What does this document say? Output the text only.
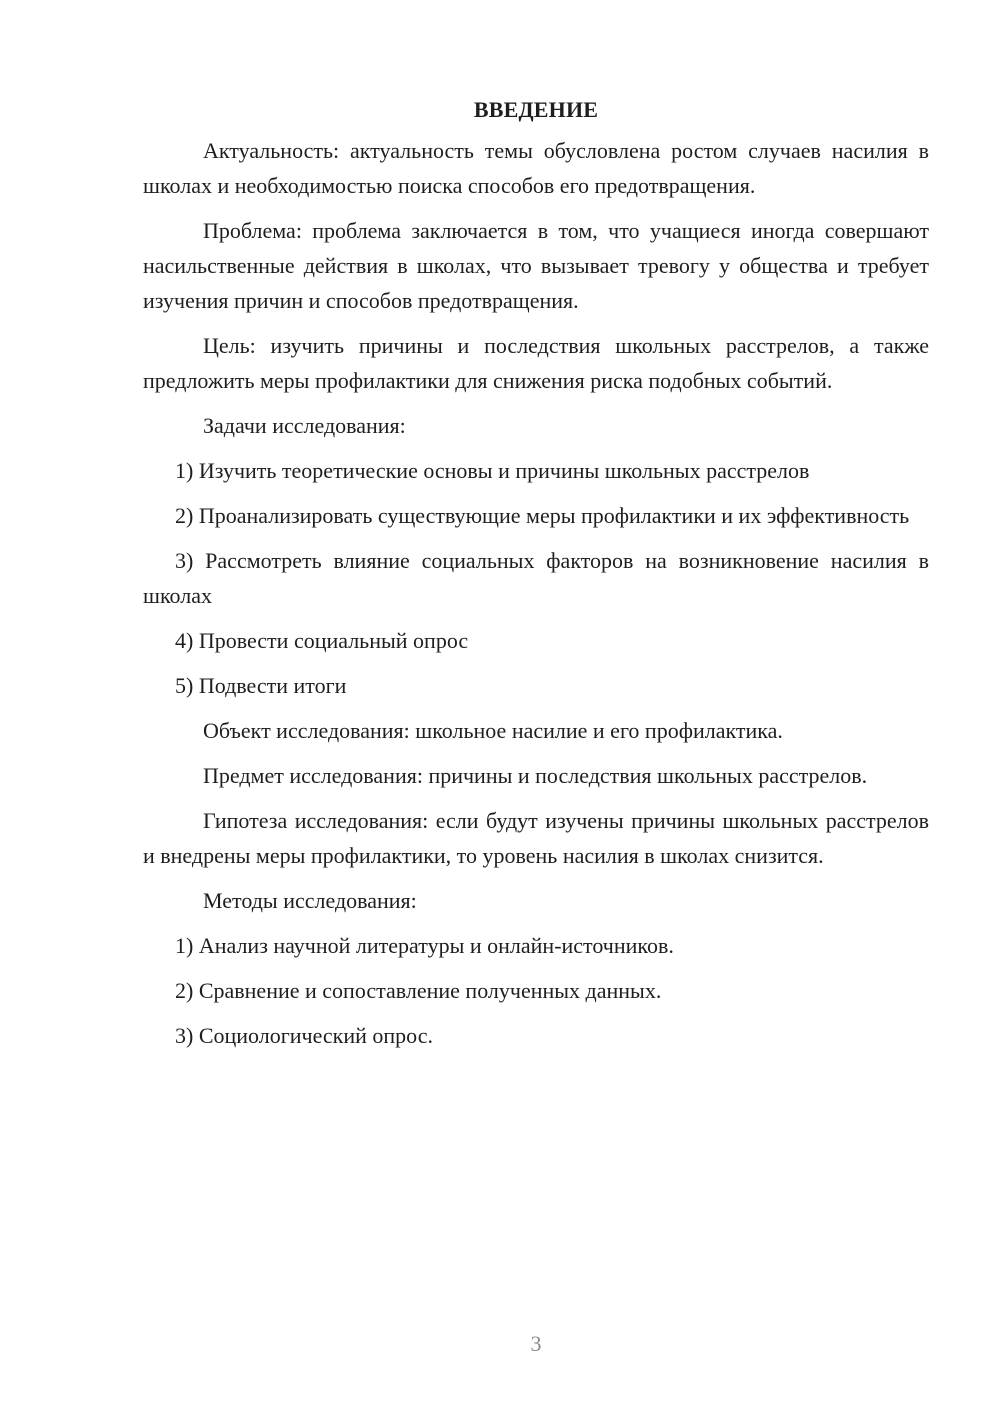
ВВЕДЕНИЕ

Актуальность: актуальность темы обусловлена ростом случаев насилия в школах и необходимостью поиска способов его предотвращения.

Проблема: проблема заключается в том, что учащиеся иногда совершают насильственные действия в школах, что вызывает тревогу у общества и требует изучения причин и способов предотвращения.

Цель: изучить причины и последствия школьных расстрелов, а также предложить меры профилактики для снижения риска подобных событий.

Задачи исследования:

1) Изучить теоретические основы и причины школьных расстрелов

2) Проанализировать существующие меры профилактики и их эффективность

3) Рассмотреть влияние социальных факторов на возникновение насилия в школах

4) Провести социальный опрос

5) Подвести итоги

Объект исследования: школьное насилие и его профилактика.

Предмет исследования: причины и последствия школьных расстрелов.

Гипотеза исследования: если будут изучены причины школьных расстрелов и внедрены меры профилактики, то уровень насилия в школах снизится.

Методы исследования:

1) Анализ научной литературы и онлайн-источников.

2) Сравнение и сопоставление полученных данных.

3) Социологический опрос.

3
